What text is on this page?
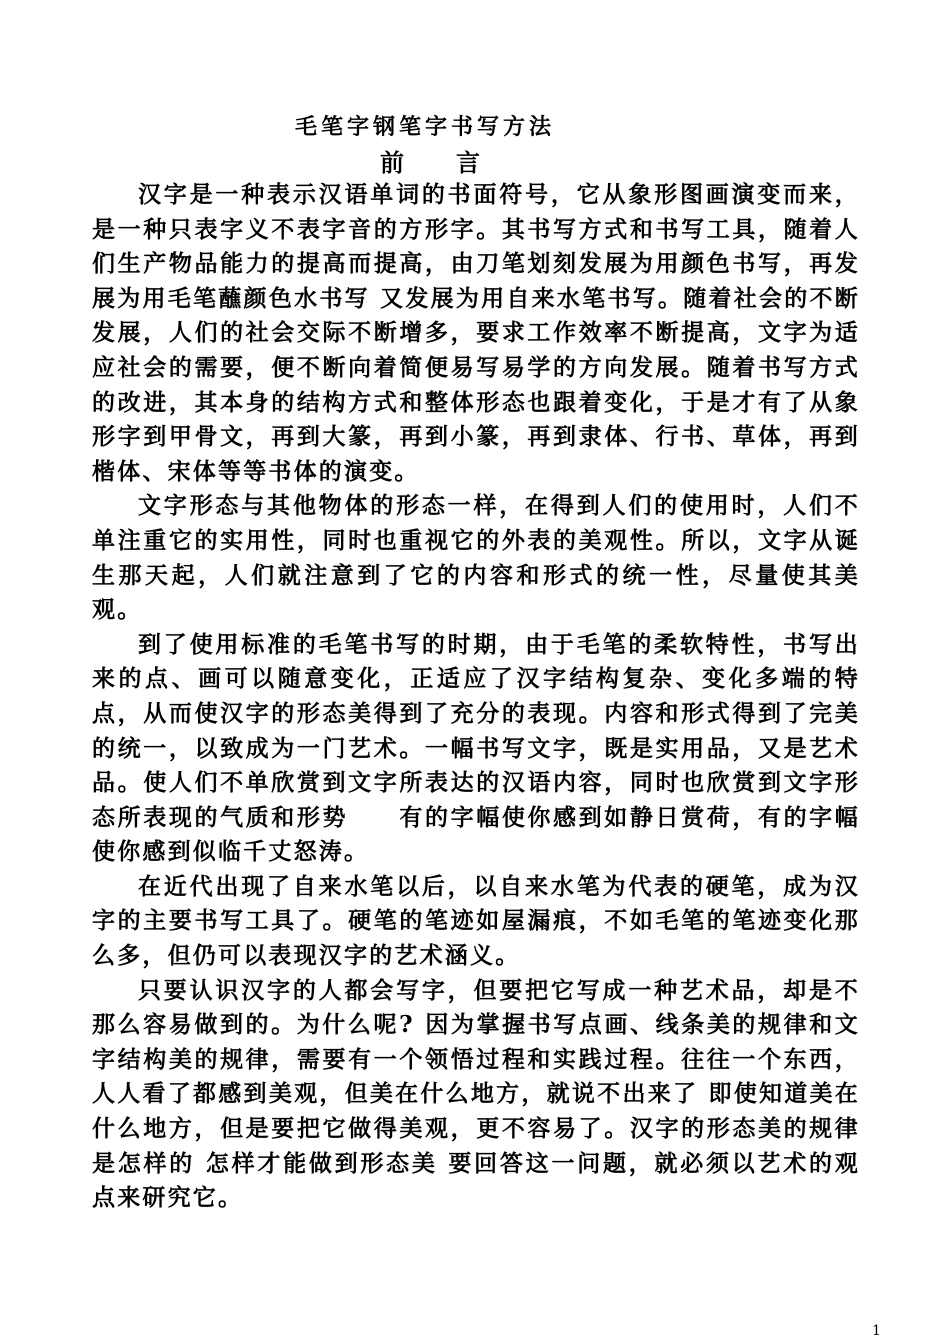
毛笔字钢笔字书写方法
前言

汉字是一种表示汉语单词的书面符号，它从象形图画演变而来，是一种只表字义不表字音的方形字。其书写方式和书写工具，随着人们生产物品能力的提高而提高，由刀笔划刻发展为用颜色书写，再发展为用毛笔蘸颜色水书写 又发展为用自来水笔书写。随着社会的不断发展，人们的社会交际不断增多，要求工作效率不断提高，文字为适应社会的需要，便不断向着简便易写易学的方向发展。随着书写方式的改进，其本身的结构方式和整体形态也跟着变化，于是才有了从象形字到甲骨文，再到大篆，再到小篆，再到隶体、行书、草体，再到楷体、宋体等等书体的演变。

文字形态与其他物体的形态一样，在得到人们的使用时，人们不单注重它的实用性，同时也重视它的外表的美观性。所以，文字从诞生那天起，人们就注意到了它的内容和形式的统一性，尽量使其美观。

到了使用标准的毛笔书写的时期，由于毛笔的柔软特性，书写出来的点、画可以随意变化，正适应了汉字结构复杂、变化多端的特点，从而使汉字的形态美得到了充分的表现。内容和形式得到了完美的统一，以致成为一门艺术。一幅书写文字，既是实用品，又是艺术品。使人们不单欣赏到文字所表达的汉语内容，同时也欣赏到文字形态所表现的气质和形势　　有的字幅使你感到如静日赏荷，有的字幅使你感到似临千丈怒涛。

在近代出现了自来水笔以后，以自来水笔为代表的硬笔，成为汉字的主要书写工具了。硬笔的笔迹如屋漏痕，不如毛笔的笔迹变化那么多，但仍可以表现汉字的艺术涵义。

只要认识汉字的人都会写字，但要把它写成一种艺术品，却是不那么容易做到的。为什么呢? 因为掌握书写点画、线条美的规律和文字结构美的规律，需要有一个领悟过程和实践过程。往往一个东西，人人看了都感到美观，但美在什么地方，就说不出来了 即使知道美在什么地方，但是要把它做得美观，更不容易了。汉字的形态美的规律是怎样的 怎样才能做到形态美 要回答这一问题，就必须以艺术的观点来研究它。

1
